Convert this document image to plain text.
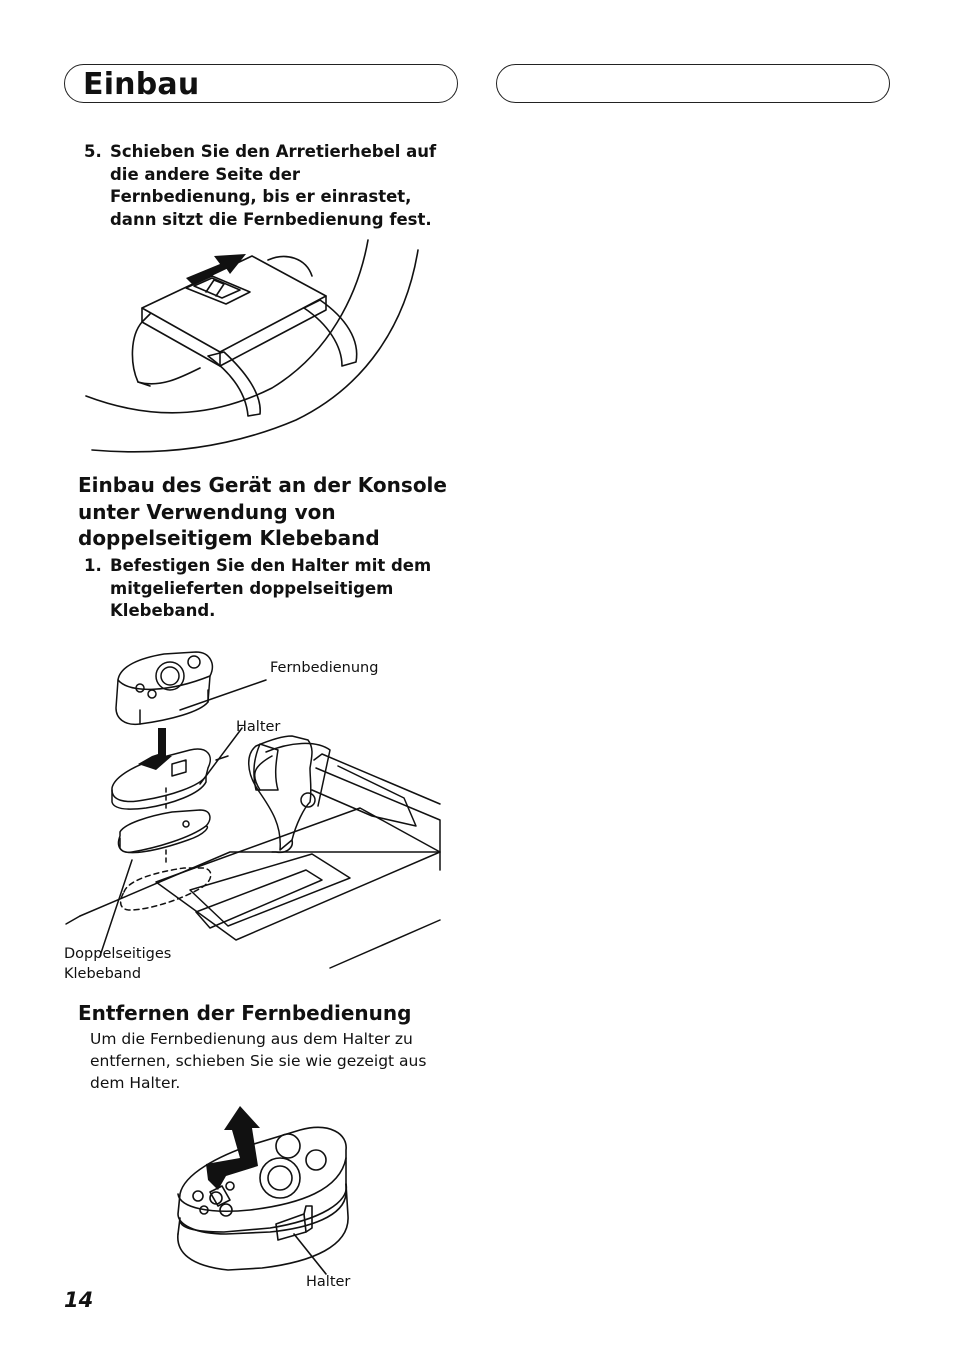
Einbau
5. Schieben Sie den Arretierhebel auf die andere Seite der Fernbedienung, bis er einrastet, dann sitzt die Fernbedienung fest.
Einbau des Gerät an der Konsole unter Verwendung von doppelseitigem Klebeband
1. Befestigen Sie den Halter mit dem mitgelieferten doppelseitigem Klebeband.
Fernbedienung
Halter
Doppelseitiges Klebeband
Entfernen der Fernbedienung
Um die Fernbedienung aus dem Halter zu entfernen, schieben Sie sie wie gezeigt aus dem Halter.
Halter
14
